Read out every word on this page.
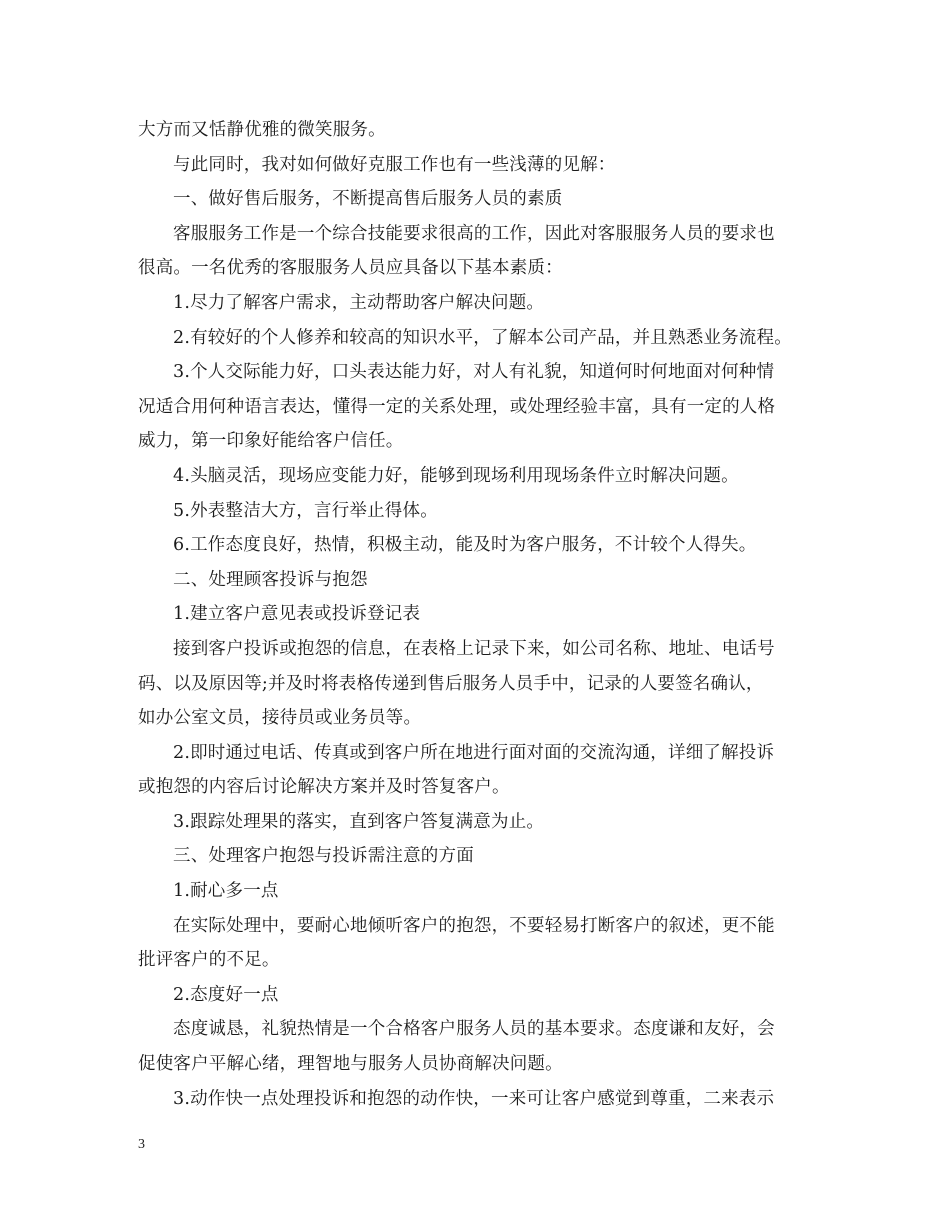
大方而又恬静优雅的微笑服务。
与此同时，我对如何做好克服工作也有一些浅薄的见解：
一、做好售后服务，不断提高售后服务人员的素质
客服服务工作是一个综合技能要求很高的工作，因此对客服服务人员的要求也
很高。一名优秀的客服服务人员应具备以下基本素质：
1.尽力了解客户需求，主动帮助客户解决问题。
2.有较好的个人修养和较高的知识水平，了解本公司产品，并且熟悉业务流程。
3.个人交际能力好，口头表达能力好，对人有礼貌，知道何时何地面对何种情
况适合用何种语言表达，懂得一定的关系处理，或处理经验丰富，具有一定的人格
威力，第一印象好能给客户信任。
4.头脑灵活，现场应变能力好，能够到现场利用现场条件立时解决问题。
5.外表整洁大方，言行举止得体。
6.工作态度良好，热情，积极主动，能及时为客户服务，不计较个人得失。
二、处理顾客投诉与抱怨
1.建立客户意见表或投诉登记表
接到客户投诉或抱怨的信息，在表格上记录下来，如公司名称、地址、电话号
码、以及原因等;并及时将表格传递到售后服务人员手中，记录的人要签名确认，
如办公室文员，接待员或业务员等。
2.即时通过电话、传真或到客户所在地进行面对面的交流沟通，详细了解投诉
或抱怨的内容后讨论解决方案并及时答复客户。
3.跟踪处理果的落实，直到客户答复满意为止。
三、处理客户抱怨与投诉需注意的方面
1.耐心多一点
在实际处理中，要耐心地倾听客户的抱怨，不要轻易打断客户的叙述，更不能
批评客户的不足。
2.态度好一点
态度诚恳，礼貌热情是一个合格客户服务人员的基本要求。态度谦和友好，会
促使客户平解心绪，理智地与服务人员协商解决问题。
3.动作快一点处理投诉和抱怨的动作快，一来可让客户感觉到尊重，二来表示
3
